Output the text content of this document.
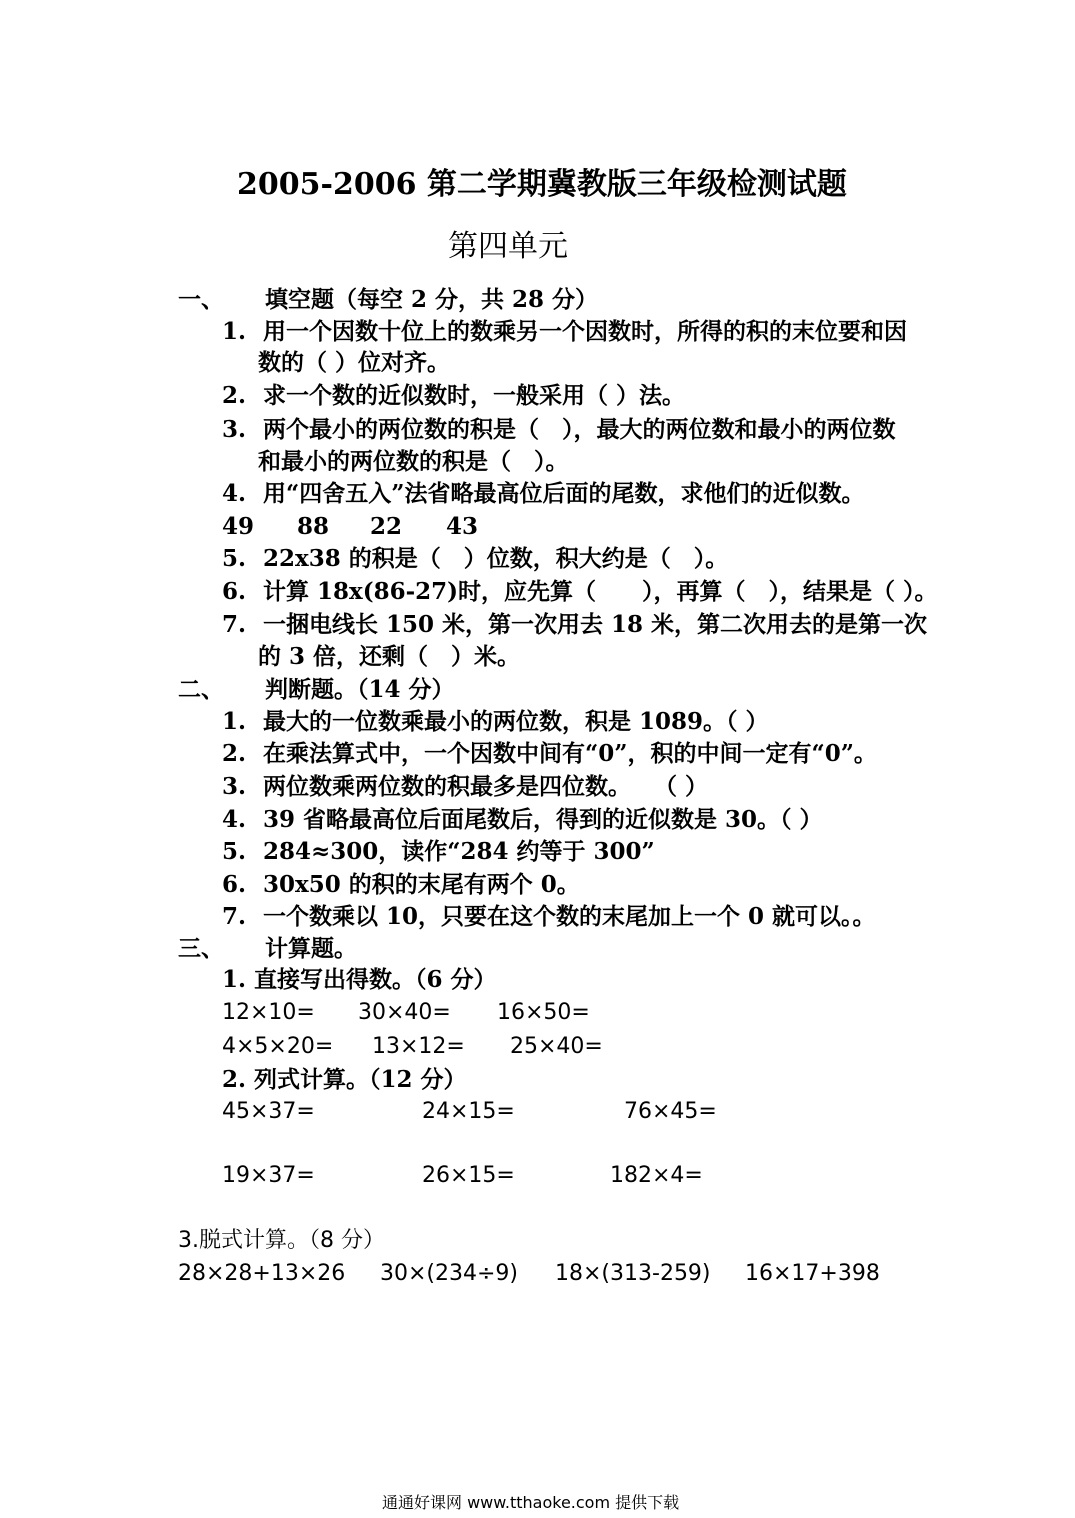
2005-2006 第二学期冀教版三年级检测试题
第四单元
一、 填空题（每空 2 分，共 28 分）
1. 用一个因数十位上的数乘另一个因数时，所得的积的末位要和因
数的（ ）位对齐。
2. 求一个数的近似数时，一般采用（ ）法。
3. 两个最小的两位数的积是（　），最大的两位数和最小的两位数
和最小的两位数的积是（　）。
4. 用“四舍五入”法省略最高位后面的尾数，求他们的近似数。
49 88 22 43
5. 22x38 的积是（　）位数，积大约是（　）。
6. 计算 18x(86-27)时，应先算（　　），再算（　），结果是（ ）。
7. 一捆电线长 150 米，第一次用去 18 米，第二次用去的是第一次
的 3 倍，还剩（　）米。
二、 判断题。（14 分）
1. 最大的一位数乘最小的两位数，积是 1089。（ ）
2. 在乘法算式中，一个因数中间有“0”，积的中间一定有“0”。
3. 两位数乘两位数的积最多是四位数。　　（ ）
4. 39 省略最高位后面尾数后，得到的近似数是 30。（ ）
5. 284≈300，读作“284 约等于 300”
6. 30x50 的积的末尾有两个 0。
7. 一个数乘以 10，只要在这个数的末尾加上一个 0 就可以。。
三、 计算题。
1. 直接写出得数。（6 分）
12×10= 30×40= 16×50=
4×5×20= 13×12= 25×40=
2. 列式计算。（12 分）
45×37=	24×15=	76×45=
19×37=	26×15=	182×4=
3.脱式计算。（8 分）
28×28+13×26 30×(234÷9) 18×(313-259) 16×17+398
通通好课网 www.tthaoke.com 提供下载
